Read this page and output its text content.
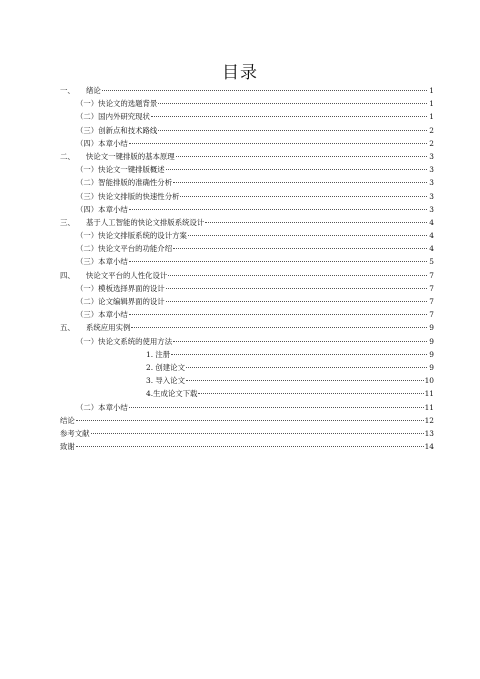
目录
一、	绪论	1
（一）快论文的选题背景	1
（二）国内外研究现状	1
（三）创新点和技术路线	2
（四）本章小结	2
二、	快论文一键排版的基本原理	3
（一）快论文一键排版概述	3
（二）智能排版的准确性分析	3
（三）快论文排版的快速性分析	3
（四）本章小结	3
三、	基于人工智能的快论文排版系统设计	4
（一）快论文排版系统的设计方案	4
（二）快论文平台的功能介绍	4
（三）本章小结	5
四、	快论文平台的人性化设计	7
（一）模板选择界面的设计	7
（二）论文编辑界面的设计	7
（三）本章小结	7
五、	系统应用实例	9
（一）快论文系统的使用方法	9
1. 注册	9
2. 创建论文	9
3. 导入论文	10
4.生成论文下载	11
（二）本章小结	11
结论	12
参考文献	13
致谢	14
